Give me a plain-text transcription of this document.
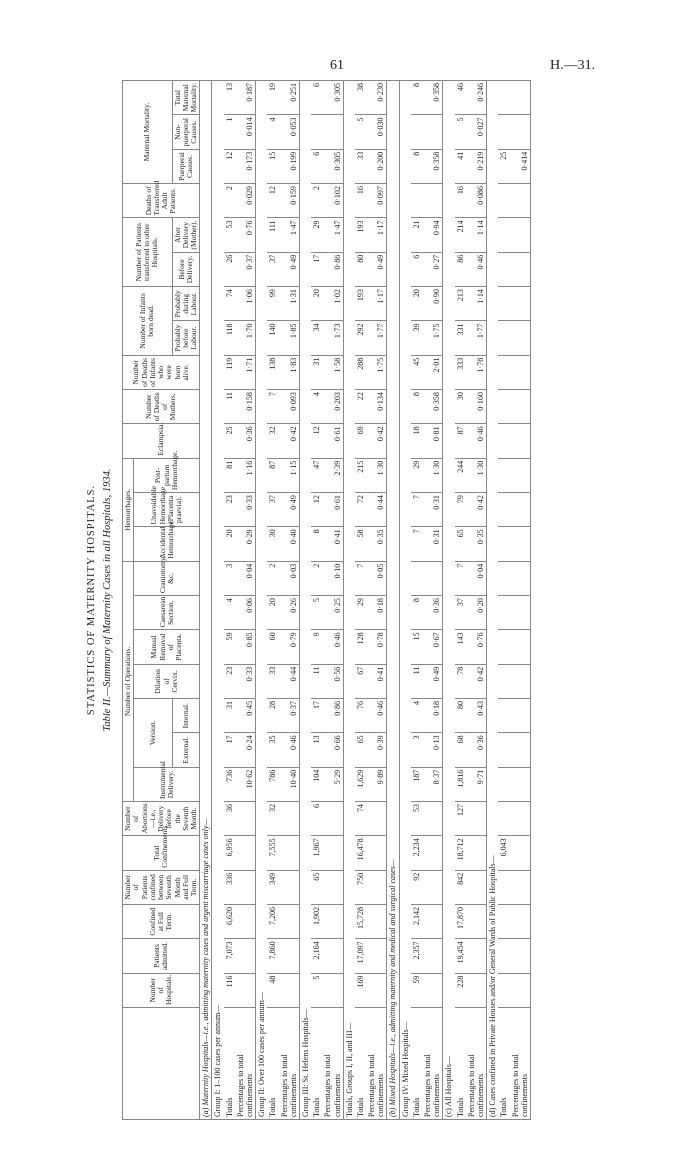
61	H.—31.
STATISTICS OF MATERNITY HOSPITALS. Table II.—Summary of Maternity Cases in all Hospitals, 1934.
	Number of Hospitals.	Patients admitted.	Confined at Full Term.	Number of Patients confined between Seventh Month and Full Term.	Total Confinements.	Number of Abortions—i.e., Delivery before the Seventh Month.	Number of Operations.							Hemorrhages.			Eclampsia.	Number of Deaths of Mothers.	Number of Deaths of Infants who were born alive.	Number of Infants born dead.		Number of Patients transferred to other Hospitals.		Deaths of Transferred Adult Patients.	Maternal Mortality.		
							Instrumental Delivery.	Version.		Dilation of Cervix.	Manual Removal of Placenta.	Caesarean Section.	Craniotomy, &c.	Accidental Hemorrhage.	Unavoidable Hemorrhage (Placenta praevia).	Post-partum Hemorrhage.											
								External.	Internal.											Probably before Labour.	Probably during Labour.	Before Delivery.	After Delivery (Mother).		Puerperal Causes.	Non-puerperal Causes.	Total Maternal Mortality.
(a) Maternity Hospitals—i.e., admitting maternity cases and urgent miscarriage cases only—																											
Group I: 1–100 cases per annum—																											
Totals	116	7,073	6,620	336	6,956	36	736	17	31	23	59	4	3	20	23	81	25	11	119	118	74	26	53	2	12	1	13
Percentages to total confinements							10·62	0·24	0·45	0·33	0·85	0·06	0·04	0·29	0·33	1·16	0·36	0·158	1·71	1·70	1·06	0·37	0·76	0·029	0·173	0·014	0·187
Group II: Over 100 cases per annum—																											
Totals	48	7,860	7,206	349	7,555	32	786	35	28	33	60	20	2	30	37	87	32	7	138	140	99	37	111	12	15	4	19
Percentages to total confinements							10·40	0·46	0·37	0·44	0·79	0·26	0·03	0·40	0·49	1·15	0·42	0·093	1·83	1·85	1·31	0·49	1·47	0·159	0·199	0·053	0·251
Group III: St. Helens Hospitals—																											
Totals	5	2,164	1,902	65	1,967	6	104	13	17	11	9	5	2	8	12	47	12	4	31	34	20	17	29	2	6		6
Percentages to total confinements							5·29	0·66	0·86	0·56	0·46	0·25	0·10	0·41	0·61	2·39	0·61	0·203	1·58	1·73	1·02	0·86	1·47	0·102	0·305		0·305
Totals, Groups I, II, and III—																											
Totals	169	17,097	15,728	750	16,478	74	1,629	65	76	67	128	29	7	58	72	215	69	22	288	292	193	80	193	16	33	5	38
Percentages to total confinements							9·89	0·39	0·46	0·41	0·78	0·18	0·05	0·35	0·44	1·30	0·42	0·134	1·75	1·77	1·17	0·49	1·17	0·097	0·200	0·030	0·230
(b) Mixed Hospitals—i.e., admitting maternity and medical and surgical cases—																											
Group IV: Mixed Hospitals—																											
Totals	59	2,357	2,142	92	2,234	53	187	3	4	11	15	8		7	7	29	18	8	45	39	20	6	21		8		8
Percentages to total confinements							8·37	0·13	0·18	0·49	0·67	0·36		0·31	0·31	1·30	0·81	0·358	2·01	1·75	0·90	0·27	0·94		0·358		0·358
(c) All Hospitals—																											
Totals	228	19,454	17,870	842	18,712	127	1,816	68	80	78	143	37	7	65	79	244	87	30	333	331	213	86	214	16	41	5	46
Percentages to total confinements							9·71	0·36	0·43	0·42	0·76	0·20	0·04	0·35	0·42	1·30	0·46	0·160	1·78	1·77	1·14	0·46	1·14	0·086	0·219	0·027	0·246
(d) Cases confined in Private Houses and/or General Wards of Public Hospitals—																											
Totals					6,043																				25		
Percentages to total confinements																									0·414		
